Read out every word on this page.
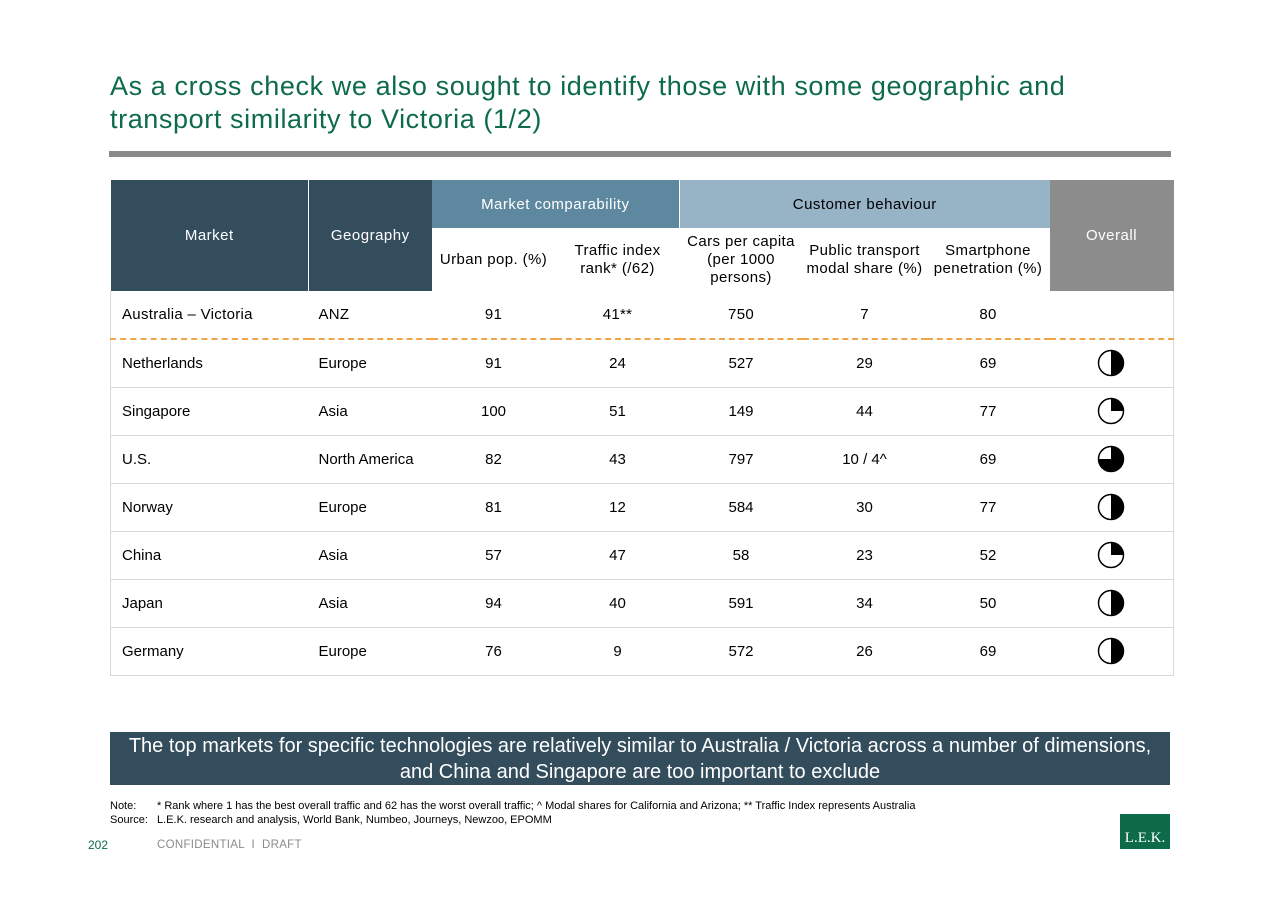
As a cross check we also sought to identify those with some geographic and transport similarity to Victoria (1/2)
Market	Geography	Market comparability		Customer behaviour			Overall
		Urban pop. (%)	Traffic index rank* (/62)	Cars per capita (per 1000 persons)	Public transport modal share (%)	Smartphone penetration (%)	
Australia – Victoria	ANZ	91	41**	750	7	80	
Netherlands	Europe	91	24	527	29	69	
Singapore	Asia	100	51	149	44	77	
U.S.	North America	82	43	797	10 / 4^	69	
Norway	Europe	81	12	584	30	77	
China	Asia	57	47	58	23	52	
Japan	Asia	94	40	591	34	50	
Germany	Europe	76	9	572	26	69	
The top markets for specific technologies are relatively similar to Australia / Victoria across a number of dimensions, and China and Singapore are too important to exclude
Note:	* Rank where 1 has the best overall traffic and 62 has the worst overall traffic; ^ Modal shares for California and Arizona; ** Traffic Index represents Australia
Source: L.E.K. research and analysis, World Bank, Numbeo, Journeys, Newzoo, EPOMM
202	CONFIDENTIAL  I  DRAFT	L.E.K.
